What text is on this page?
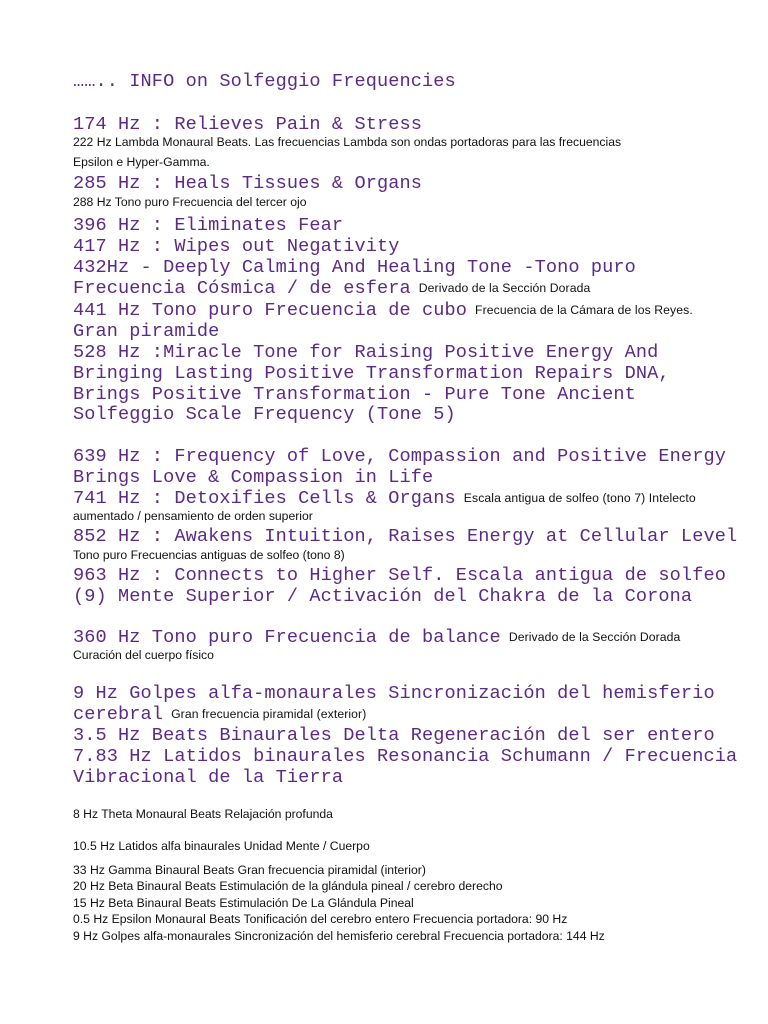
…….. INFO on Solfeggio Frequencies
174 Hz : Relieves Pain & Stress
222 Hz Lambda Monaural Beats. Las frecuencias Lambda son ondas portadoras para las frecuencias
Epsilon e Hyper-Gamma.
285 Hz : Heals Tissues & Organs
288 Hz Tono puro Frecuencia del tercer ojo
396 Hz : Eliminates Fear
417 Hz : Wipes out Negativity
432Hz - Deeply Calming And Healing Tone -Tono puro
Frecuencia Cósmica / de esfera Derivado de la Sección Dorada
441 Hz Tono puro Frecuencia de cubo Frecuencia de la Cámara de los Reyes.
Gran piramide
528 Hz :Miracle Tone for Raising Positive Energy And
Bringing Lasting Positive Transformation Repairs DNA,
Brings Positive Transformation - Pure Tone Ancient
Solfeggio Scale Frequency (Tone 5)
639 Hz : Frequency of Love, Compassion and Positive Energy
Brings Love & Compassion in Life
741 Hz : Detoxifies Cells & Organs Escala antigua de solfeo (tono 7) Intelecto
aumentado / pensamiento de orden superior
852 Hz : Awakens Intuition, Raises Energy at Cellular Level
Tono puro Frecuencias antiguas de solfeo (tono 8)
963 Hz : Connects to Higher Self. Escala antigua de solfeo
(9) Mente Superior / Activación del Chakra de la Corona
360 Hz Tono puro Frecuencia de balance Derivado de la Sección Dorada
Curación del cuerpo físico
9 Hz Golpes alfa-monaurales Sincronización del hemisferio
cerebral Gran frecuencia piramidal (exterior)
3.5 Hz Beats Binaurales Delta Regeneración del ser entero
7.83 Hz Latidos binaurales Resonancia Schumann / Frecuencia
Vibracional de la Tierra
8 Hz Theta Monaural Beats Relajación profunda
10.5 Hz Latidos alfa binaurales Unidad Mente / Cuerpo
33 Hz Gamma Binaural Beats Gran frecuencia piramidal (interior)
20 Hz Beta Binaural Beats Estimulación de la glándula pineal / cerebro derecho
15 Hz Beta Binaural Beats Estimulación De La Glándula Pineal
0.5 Hz Epsilon Monaural Beats Tonificación del cerebro entero Frecuencia portadora: 90 Hz
9 Hz Golpes alfa-monaurales Sincronización del hemisferio cerebral Frecuencia portadora: 144 Hz
